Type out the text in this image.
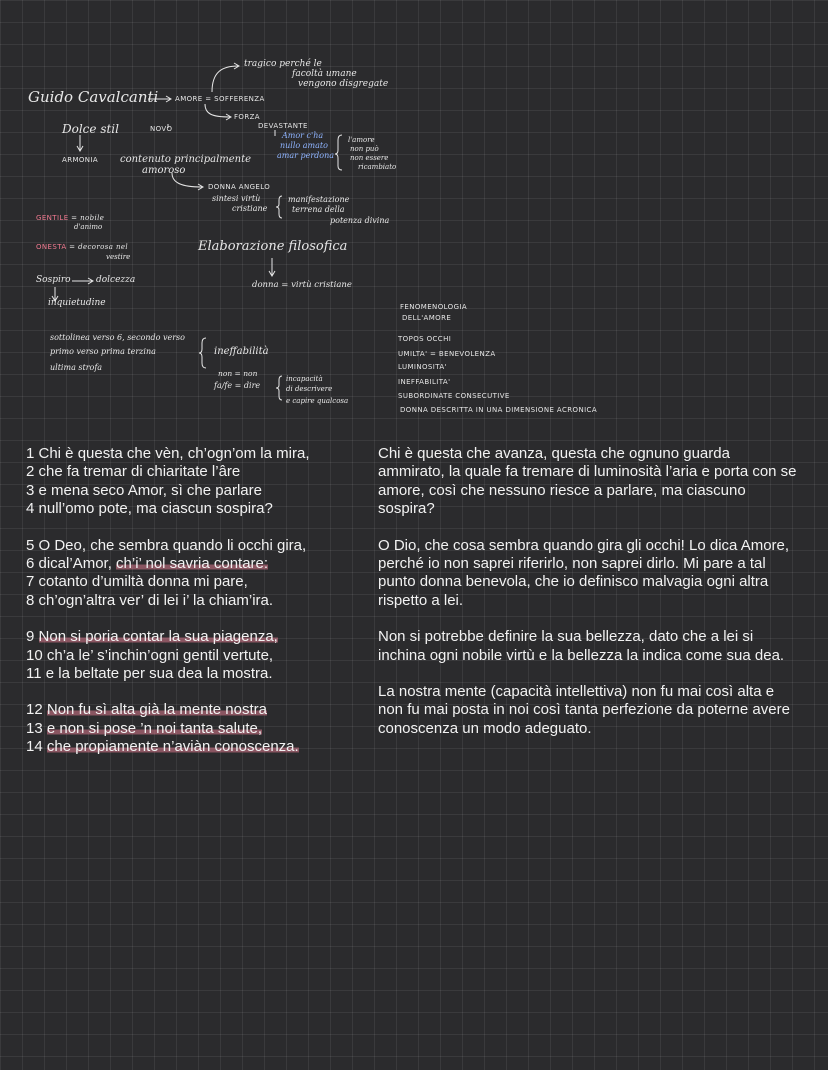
Guido Cavalcanti AMORE = SOFFERENZA
tragico perché le
facoltà umane
vengono disgregate
FORZA
DEVASTANTE
Amor c'ha
nullo amato
amar perdona
l'amore
non può
non essere
ricambiato
Dolce stil	NOVO
ARMONIA contenuto principalmente
amoroso
DONNA ANGELO
sintesi virtù
cristiane
manifestazione
terrena della
potenza divina
GENTILE = nobile
d'animo
ONESTA = decorosa nel
vestire
Elaborazione filosofica
donna = virtù cristiane
Sospiro	dolcezza
inquietudine
sottolinea verso 6, secondo verso
primo verso prima terzina
ultima strofa
ineffabilità
non = non
fa/fe = dire
incapacità
di descrivere
e capire qualcosa
FENOMENOLOGIA
DELL'AMORE
TOPOS OCCHI
UMILTA' = BENEVOLENZA
LUMINOSITA'
INEFFABILITA'
SUBORDINATE CONSECUTIVE
DONNA DESCRITTA IN UNA DIMENSIONE ACRONICA
1 Chi è questa che vèn, ch’ogn’om la mira,
2 che fa tremar di chiaritate l’âre
3 e mena seco Amor, sì che parlare
4 null’omo pote, ma ciascun sospira?
5 O Deo, che sembra quando li occhi gira,
6 dical’Amor, ch’i’ nol savria contare:
7 cotanto d’umiltà donna mi pare,
8 ch’ogn’altra ver’ di lei i’ la chiam’ira.
9 Non si poria contar la sua piagenza,
10 ch’a le’ s’inchin’ogni gentil vertute,
11 e la beltate per sua dea la mostra.
12 Non fu sì alta già la mente nostra
13 e non si pose ’n noi tanta salute,
14 che propiamente n’aviàn conoscenza.
Chi è questa che avanza, questa che ognuno guarda ammirato, la quale fa tremare di luminosità l’aria e porta con se amore, così che nessuno riesce a parlare, ma ciascuno sospira?
O Dio, che cosa sembra quando gira gli occhi! Lo dica Amore, perché io non saprei riferirlo, non saprei dirlo. Mi pare a tal punto donna benevola, che io definisco malvagia ogni altra rispetto a lei.
Non si potrebbe definire la sua bellezza, dato che a lei si inchina ogni nobile virtù e la bellezza la indica come sua dea.
La nostra mente (capacità intellettiva) non fu mai così alta e non fu mai posta in noi così tanta perfezione da poterne avere conoscenza un modo adeguato.
